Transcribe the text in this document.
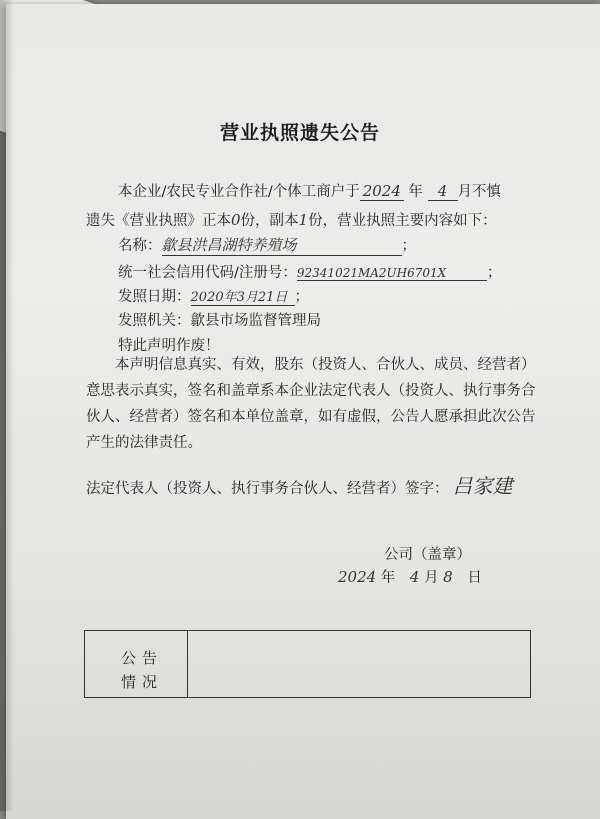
营业执照遗失公告
本企业/农民专业合作社/个体工商户于 2024 年 4 月不慎
遗失《营业执照》正本0份，副本1份，营业执照主要内容如下：
名称：歙县洪昌湖特养殖场	；
统一社会信用代码/注册号：92341021MA2UH6701X	；
发照日期：2020年3月21日 ；
发照机关：歙县市场监督管理局
特此声明作废！
本声明信息真实、有效，股东（投资人、合伙人、成员、经营者）意思表示真实，签名和盖章系本企业法定代表人（投资人、执行事务合伙人、经营者）签名和本单位盖章，如有虚假，公告人愿承担此次公告产生的法律责任。
法定代表人（投资人、执行事务合伙人、经营者）签字： 吕家建
公司（盖章）
2024 年 4 月 8 日
公告
情况
